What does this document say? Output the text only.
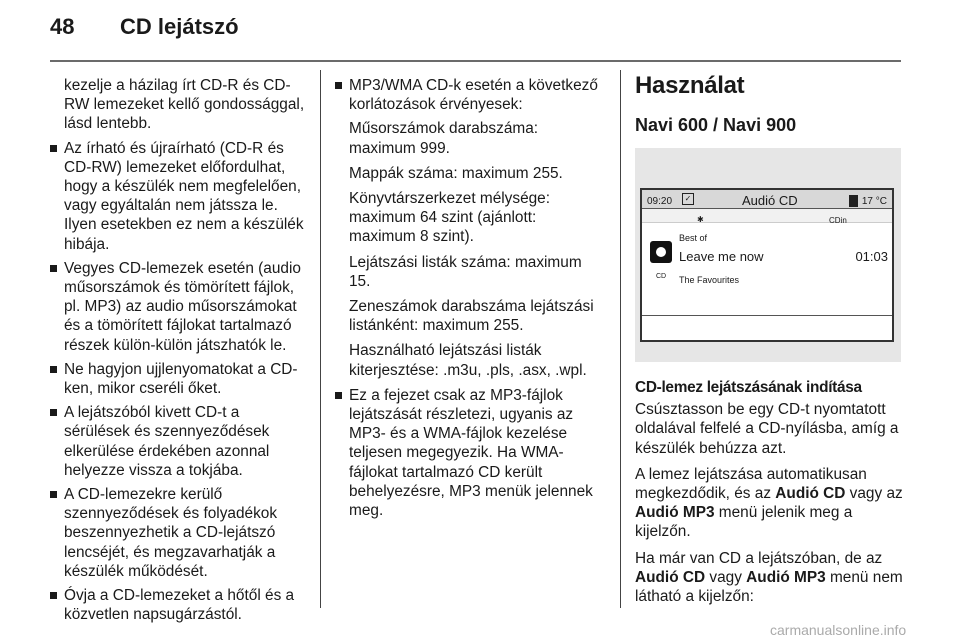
48 CD lejátszó
kezelje a házilag írt CD-R és CD-RW lemezeket kellő gondossággal, lásd lentebb.
Az írható és újraírható (CD-R és CD-RW) lemezeket előfordulhat, hogy a készülék nem megfelelően, vagy egyáltalán nem játssza le. Ilyen esetekben ez nem a készülék hibája.
Vegyes CD-lemezek esetén (audio műsorszámok és tömörített fájlok, pl. MP3) az audio műsorszámokat és a tömörített fájlokat tartalmazó részek külön-külön játszhatók le.
Ne hagyjon ujjlenyomatokat a CD-ken, mikor cseréli őket.
A lejátszóból kivett CD-t a sérülések és szennyeződések elkerülése érdekében azonnal helyezze vissza a tokjába.
A CD-lemezekre kerülő szennyeződések és folyadékok beszennyezhetik a CD-lejátszó lencséjét, és megzavarhatják a készülék működését.
Óvja a CD-lemezeket a hőtől és a közvetlen napsugárzástól.
MP3/WMA CD-k esetén a következő korlátozások érvényesek:

Műsorszámok darabszáma: maximum 999.

Mappák száma: maximum 255.

Könyvtárszerkezet mélysége: maximum 64 szint (ajánlott: maximum 8 szint).

Lejátszási listák száma: maximum 15.

Zeneszámok darabszáma lejátszási listánként: maximum 255.

Használható lejátszási listák kiterjesztése: .m3u, .pls, .asx, .wpl.

Ez a fejezet csak az MP3-fájlok lejátszását részletezi, ugyanis az MP3- és a WMA-fájlok kezelése teljesen megegyezik. Ha WMA-fájlokat tartalmazó CD került behelyezésre, MP3 menük jelennek meg.
Használat
Navi 600 / Navi 900
09:20	✓	Audió CD	17 °C
✱	CDin
Best of
CD
Leave me now	01:03
The Favourites
CD-lemez lejátszásának indítása

Csúsztasson be egy CD-t nyomtatott oldalával felfelé a CD-nyílásba, amíg a készülék behúzza azt.

A lemez lejátszása automatikusan megkezdődik, és az Audió CD vagy az Audió MP3 menü jelenik meg a kijelzőn.

Ha már van CD a lejátszóban, de az Audió CD vagy Audió MP3 menü nem látható a kijelzőn:

carmanualsonline.info
